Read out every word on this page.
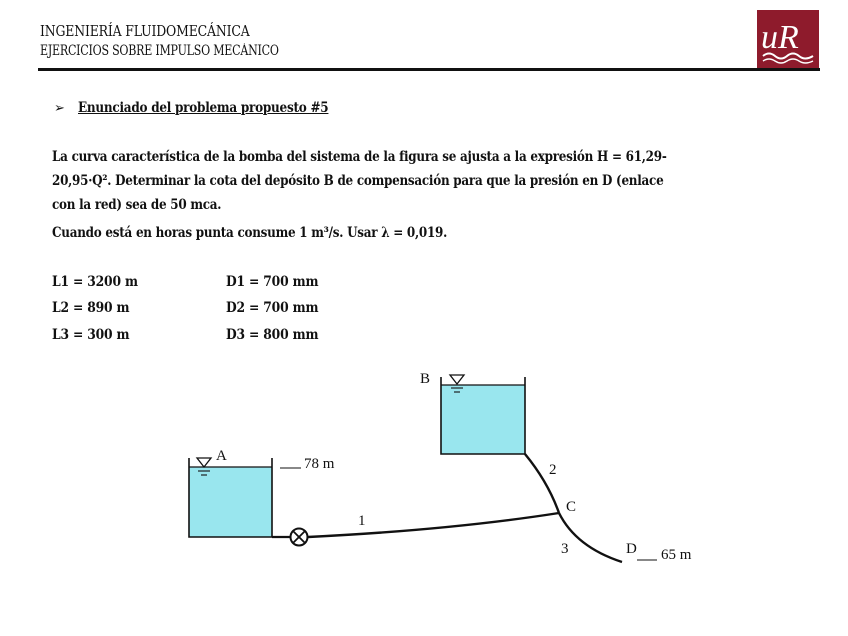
INGENIERÍA FLUIDOMECÁNICA
EJERCICIOS SOBRE IMPULSO MECÁNICO	uR
➢ Enunciado del problema propuesto #5
La curva característica de la bomba del sistema de la figura se ajusta a la expresión H = 61,29-
20,95·Q². Determinar la cota del depósito B de compensación para que la presión en D (enlace
con la red) sea de 50 mca.
Cuando está en horas punta consume 1 m³/s. Usar λ = 0,019.
L1 = 3200 m
L2 = 890 m
L3 = 300 m
D1 = 700 mm
D2 = 700 mm
D3 = 800 mm
A	78 m
B
1
2
3
C
D 65 m
